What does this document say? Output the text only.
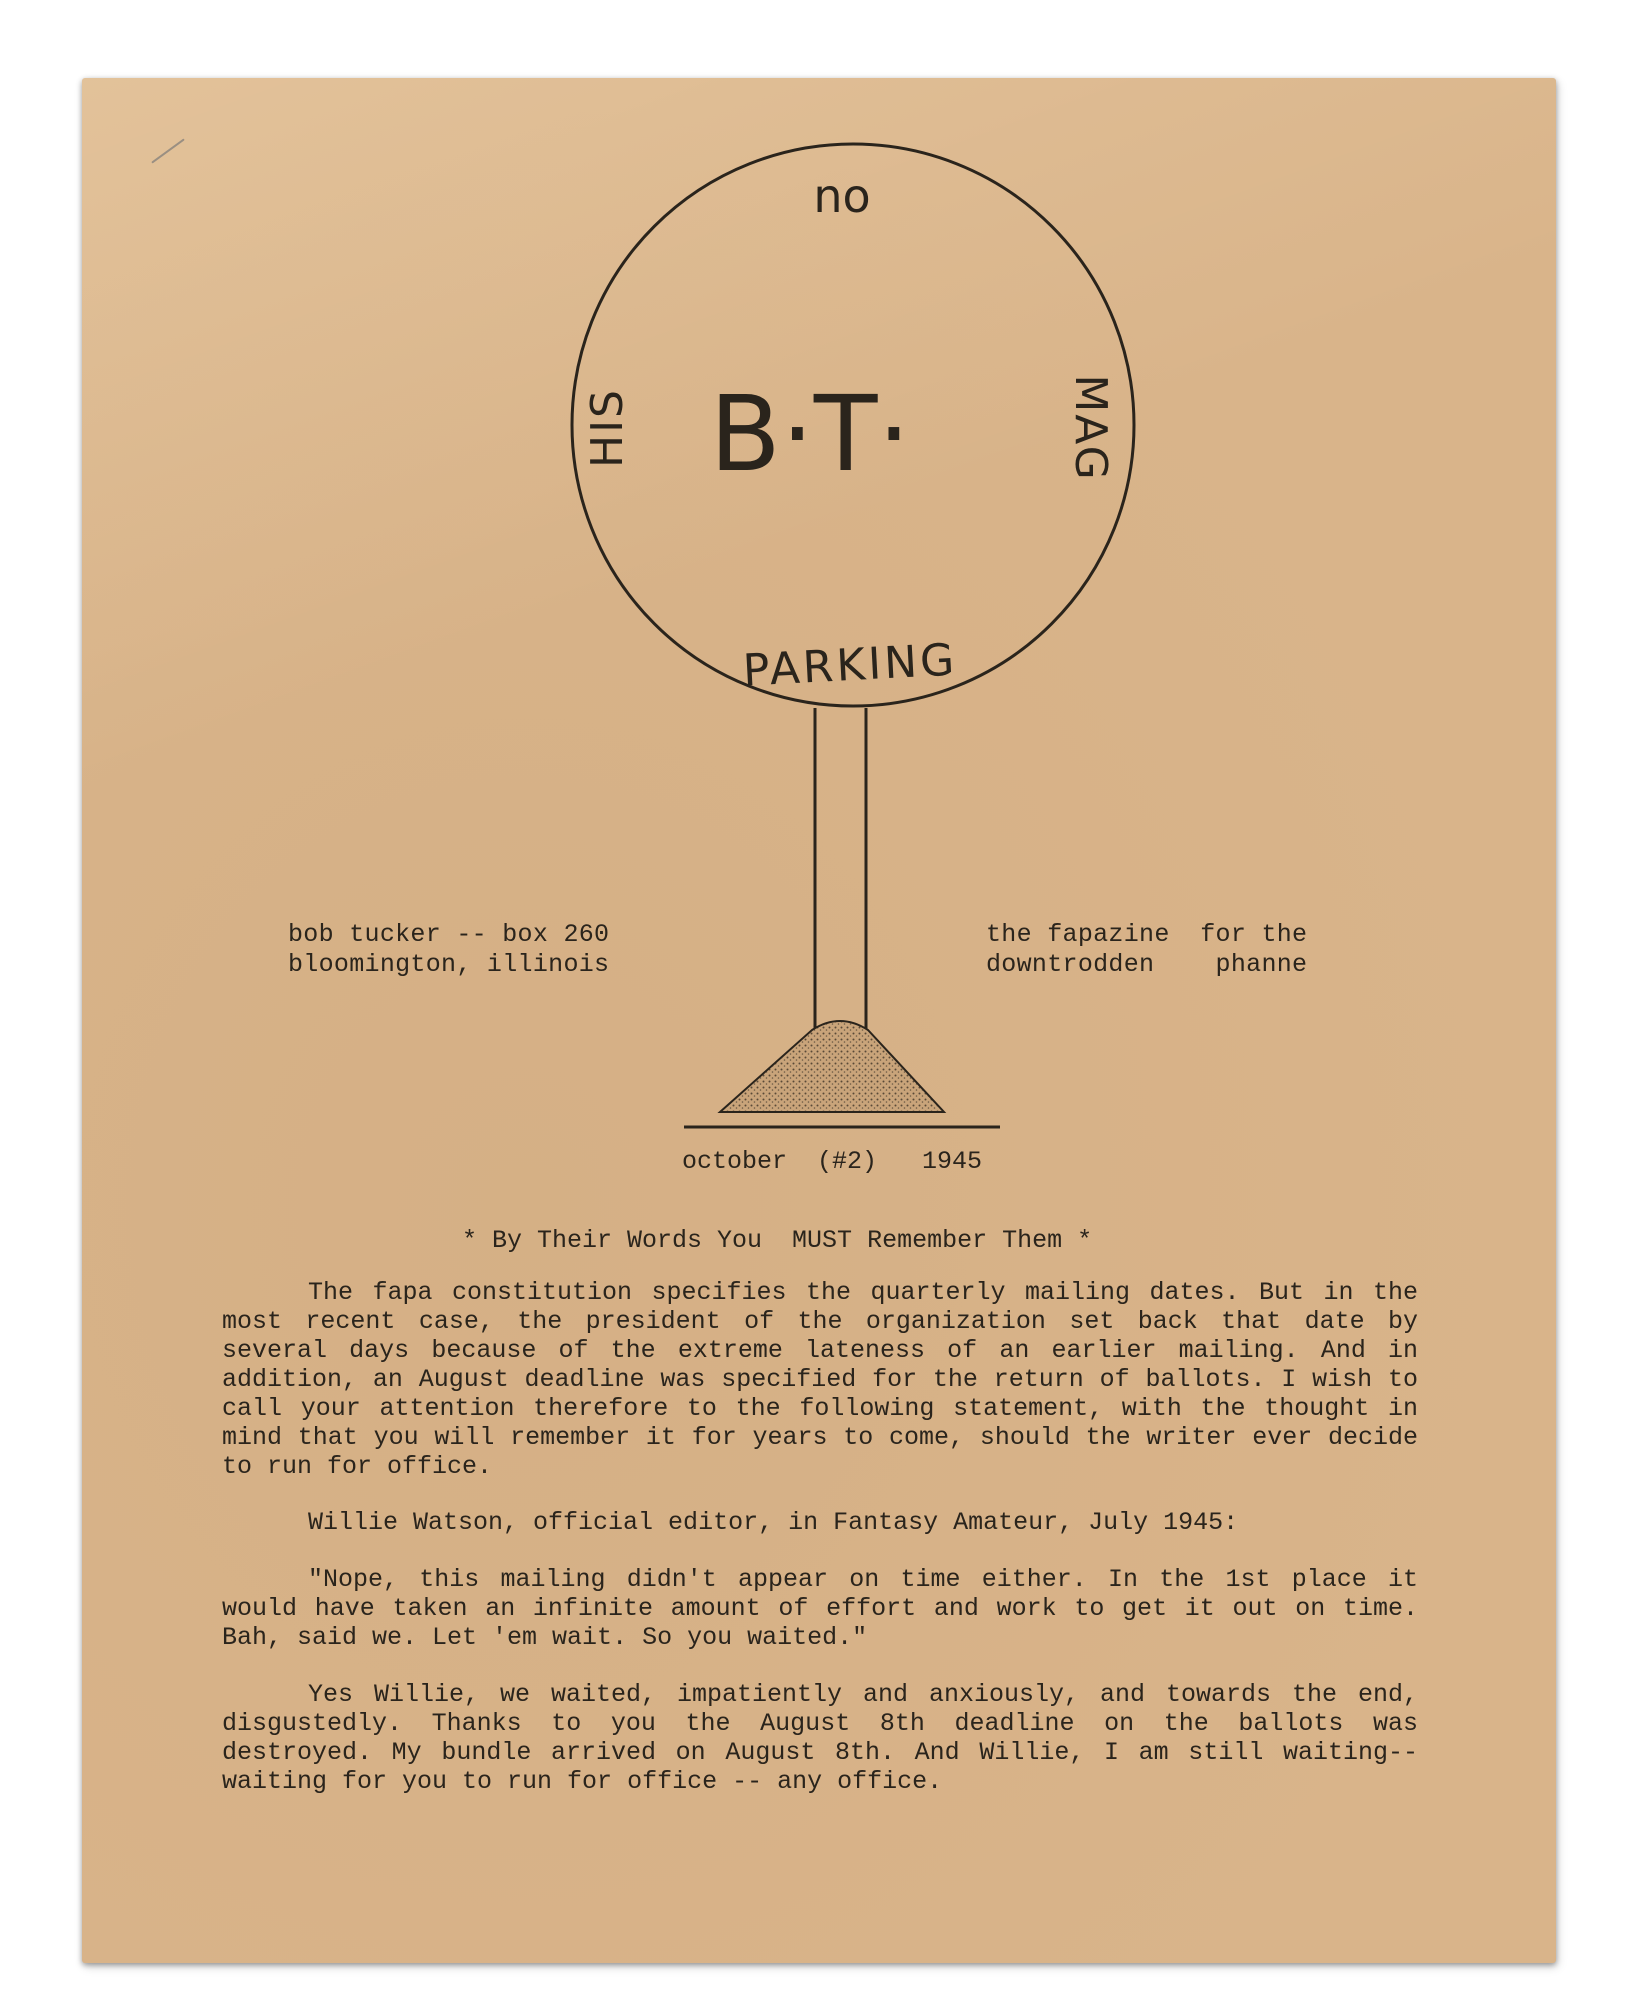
no
PARKING
HIS	MAG
B·T·
bob tucker -- box 260
bloomington, illinois
the fapazine  for the
downtrodden    phanne
october  (#2)   1945
* By Their Words You  MUST Remember Them *

The fapa constitution specifies the quarterly mailing dates. But in the most recent case, the president of the organization set back that date by several days because of the extreme lateness of an earlier mailing. And in addition, an August deadline was specified for the return of ballots. I wish to call your attention therefore to the following statement, with the thought in mind that you will remember it for years to come, should the writer ever decide to run for office.

Willie Watson, official editor, in Fantasy Amateur, July 1945:

"Nope, this mailing didn't appear on time either. In the 1st place it would have taken an infinite amount of effort and work to get it out on time. Bah, said we. Let 'em wait. So you waited."

Yes Willie, we waited, impatiently and anxiously, and towards the end, disgustedly. Thanks to you the August 8th deadline on the ballots was destroyed. My bundle arrived on August 8th. And Willie, I am still waiting-- waiting for you to run for office -- any office.
